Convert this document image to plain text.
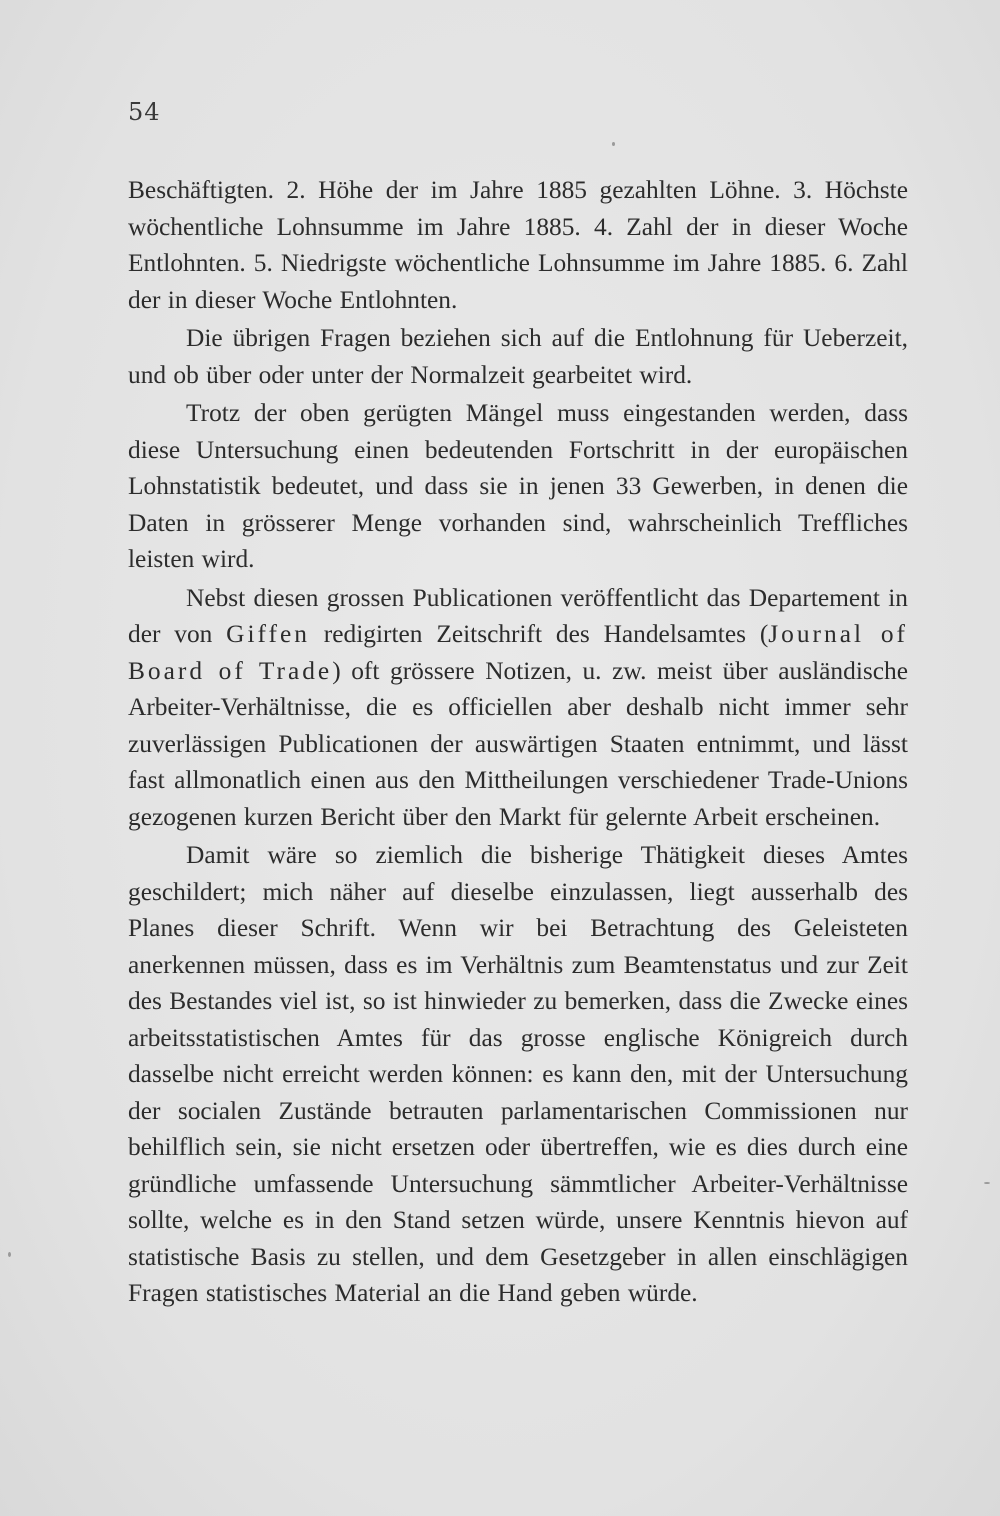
54

Beschäftigten. 2. Höhe der im Jahre 1885 gezahlten Löhne. 3. Höchste wöchentliche Lohnsumme im Jahre 1885. 4. Zahl der in dieser Woche Entlohnten. 5. Niedrigste wöchentliche Lohnsumme im Jahre 1885. 6. Zahl der in dieser Woche Entlohnten.

Die übrigen Fragen beziehen sich auf die Entlohnung für Ueberzeit, und ob über oder unter der Normalzeit gearbeitet wird.

Trotz der oben gerügten Mängel muss eingestanden werden, dass diese Untersuchung einen bedeutenden Fortschritt in der europäischen Lohnstatistik bedeutet, und dass sie in jenen 33 Gewerben, in denen die Daten in grösserer Menge vorhanden sind, wahrscheinlich Treffliches leisten wird.

Nebst diesen grossen Publicationen veröffentlicht das Departement in der von Giffen redigirten Zeitschrift des Handelsamtes (Journal of Board of Trade) oft grössere Notizen, u. zw. meist über ausländische Arbeiter-Verhältnisse, die es officiellen aber deshalb nicht immer sehr zuverlässigen Publicationen der auswärtigen Staaten entnimmt, und lässt fast allmonatlich einen aus den Mittheilungen verschiedener Trade-Unions gezogenen kurzen Bericht über den Markt für gelernte Arbeit erscheinen.

Damit wäre so ziemlich die bisherige Thätigkeit dieses Amtes geschildert; mich näher auf dieselbe einzulassen, liegt ausserhalb des Planes dieser Schrift. Wenn wir bei Betrachtung des Geleisteten anerkennen müssen, dass es im Verhältnis zum Beamtenstatus und zur Zeit des Bestandes viel ist, so ist hinwieder zu bemerken, dass die Zwecke eines arbeitsstatistischen Amtes für das grosse englische Königreich durch dasselbe nicht erreicht werden können: es kann den, mit der Untersuchung der socialen Zustände betrauten parlamentarischen Commissionen nur behilflich sein, sie nicht ersetzen oder übertreffen, wie es dies durch eine gründliche umfassende Untersuchung sämmtlicher Arbeiter-Verhältnisse sollte, welche es in den Stand setzen würde, unsere Kenntnis hievon auf statistische Basis zu stellen, und dem Gesetzgeber in allen einschlägigen Fragen statistisches Material an die Hand geben würde.
